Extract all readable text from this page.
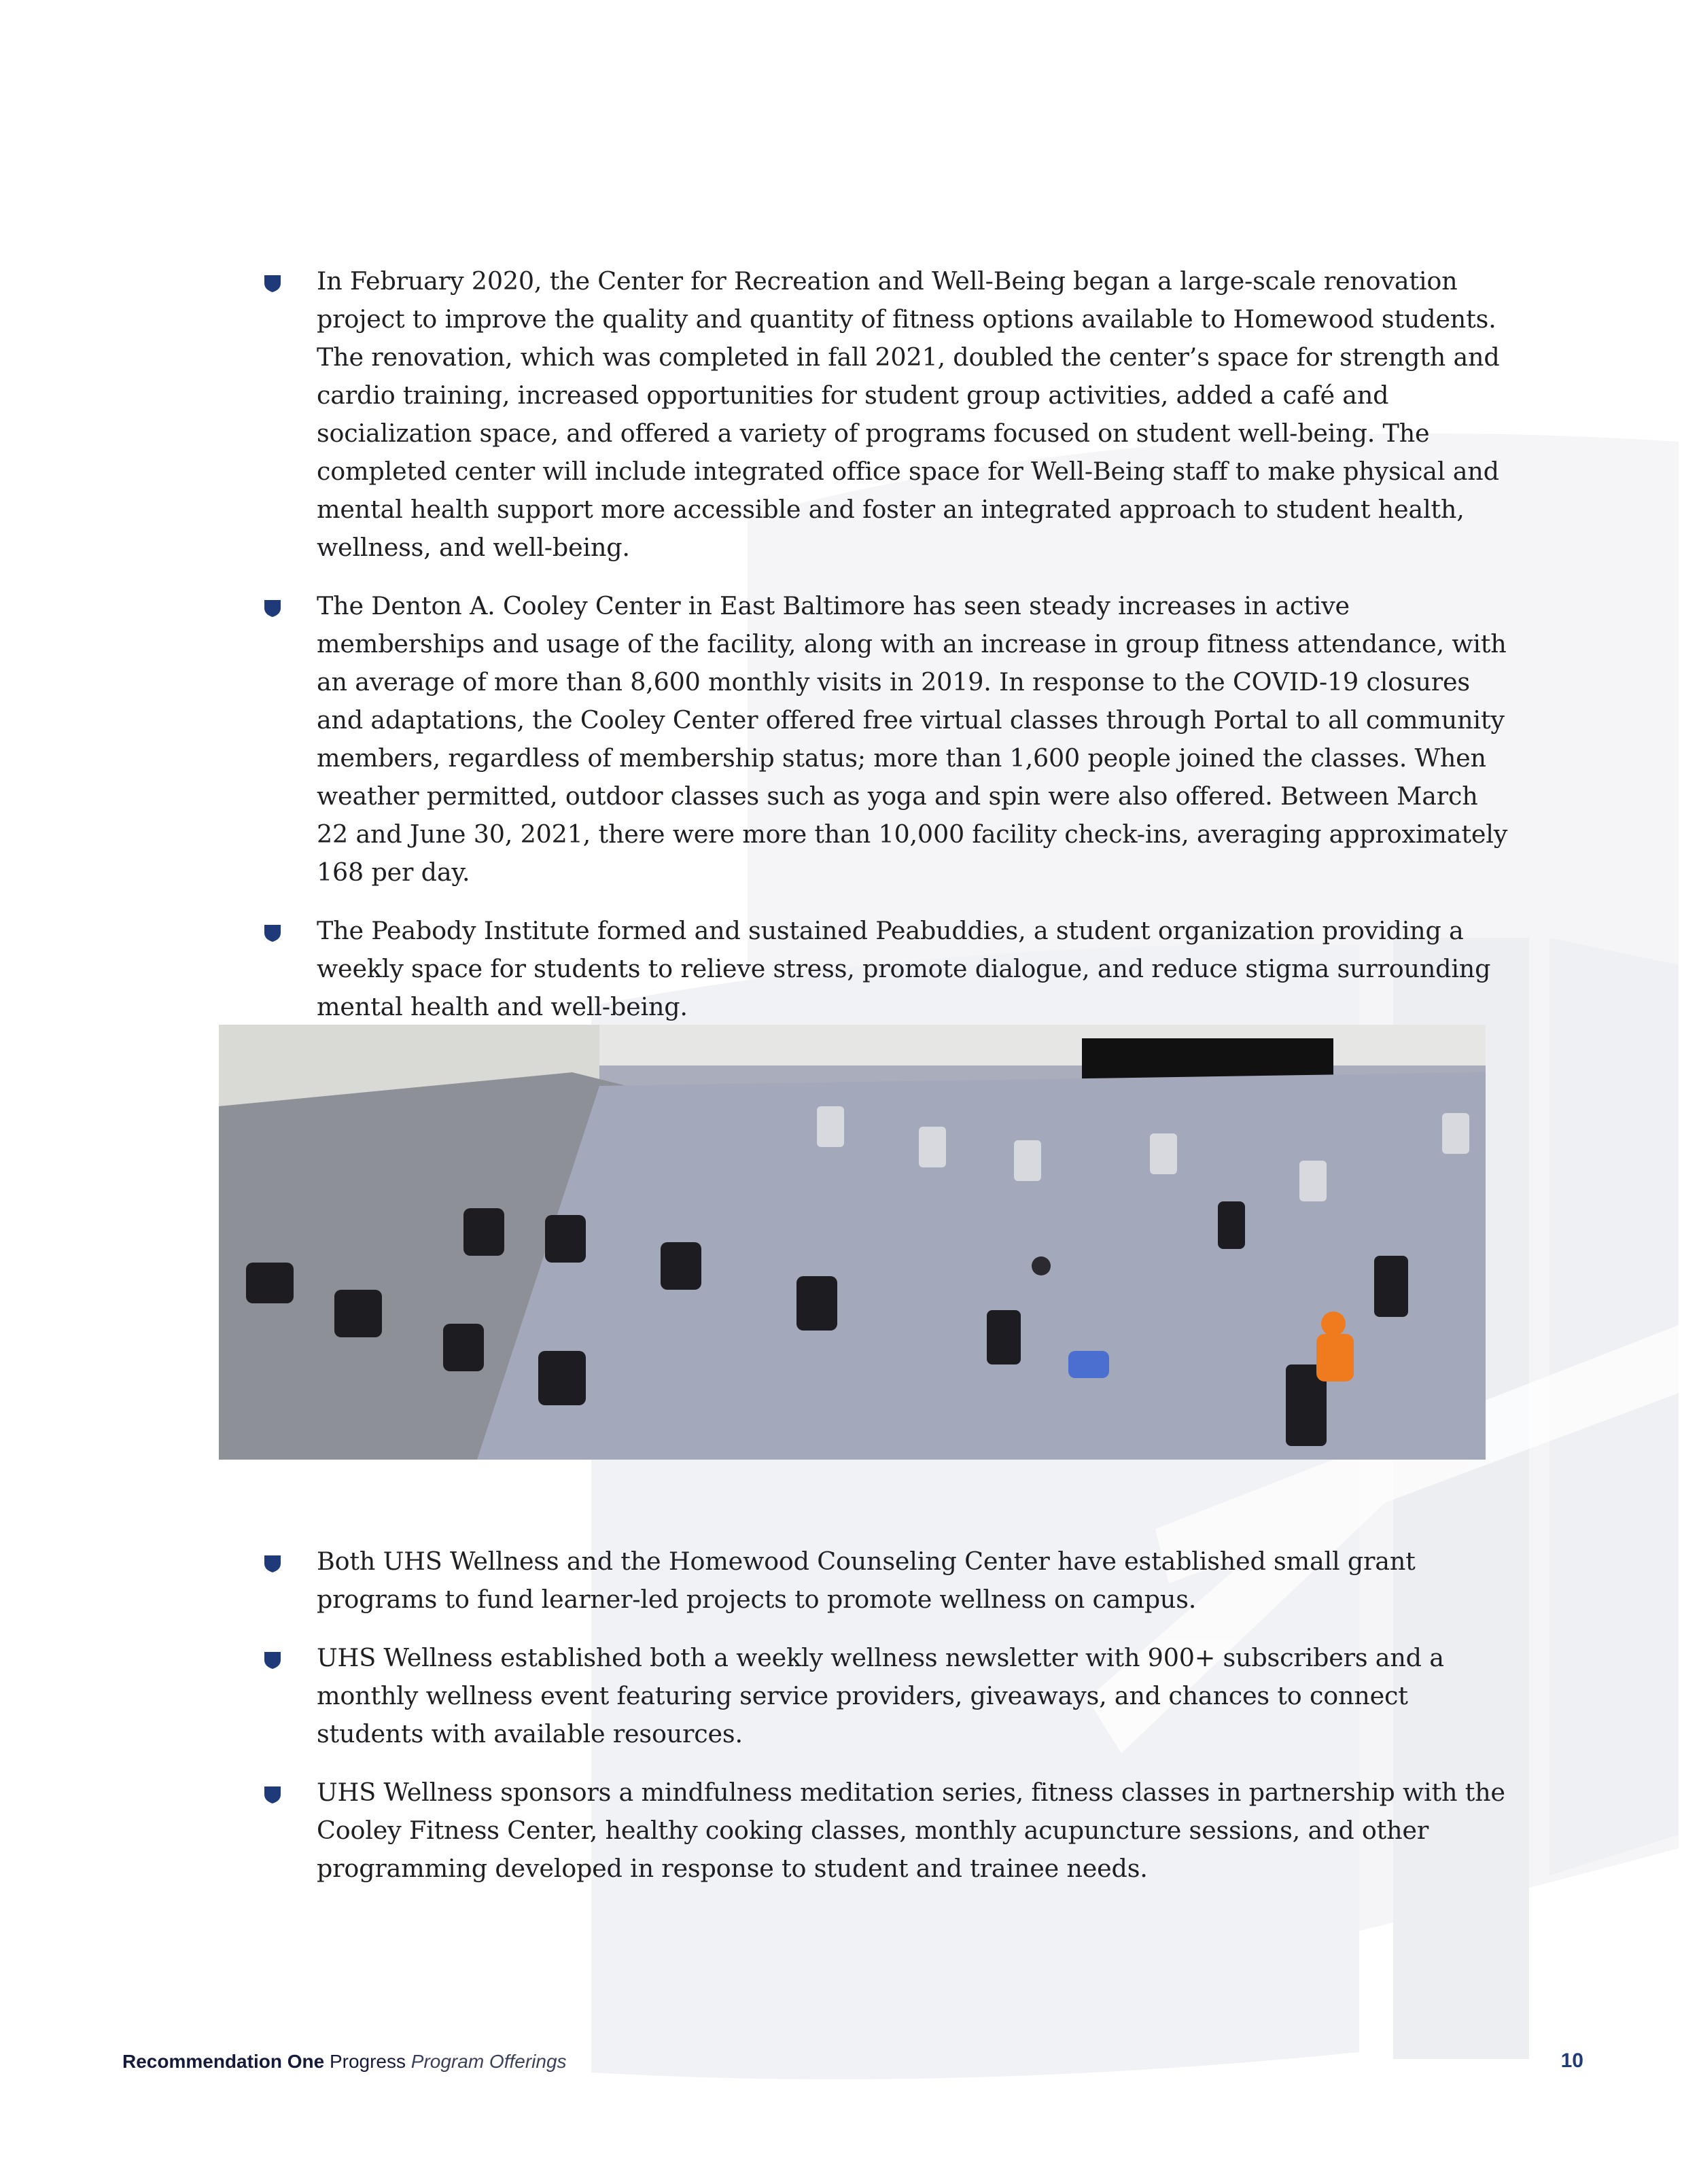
In February 2020, the Center for Recreation and Well-Being began a large-scale renovation project to improve the quality and quantity of fitness options available to Homewood students. The renovation, which was completed in fall 2021, doubled the center’s space for strength and cardio training, increased opportunities for student group activities, added a café and socialization space, and offered a variety of programs focused on student well-being. The completed center will include integrated office space for Well-Being staff to make physical and mental health support more accessible and foster an integrated approach to student health, wellness, and well-being.

The Denton A. Cooley Center in East Baltimore has seen steady increases in active memberships and usage of the facility, along with an increase in group fitness attendance, with an average of more than 8,600 monthly visits in 2019. In response to the COVID-19 closures and adaptations, the Cooley Center offered free virtual classes through Portal to all community members, regardless of membership status; more than 1,600 people joined the classes. When weather permitted, outdoor classes such as yoga and spin were also offered. Between March 22 and June 30, 2021, there were more than 10,000 facility check-ins, averaging approximately 168 per day.

The Peabody Institute formed and sustained Peabuddies, a student organization providing a weekly space for students to relieve stress, promote dialogue, and reduce stigma surrounding mental health and well-being.

Both UHS Wellness and the Homewood Counseling Center have established small grant programs to fund learner-led projects to promote wellness on campus.

UHS Wellness established both a weekly wellness newsletter with 900+ subscribers and a monthly wellness event featuring service providers, giveaways, and chances to connect students with available resources.

UHS Wellness sponsors a mindfulness meditation series, fitness classes in partnership with the Cooley Fitness Center, healthy cooking classes, monthly acupuncture sessions, and other programming developed in response to student and trainee needs.

Recommendation One Progress Program Offerings	10
